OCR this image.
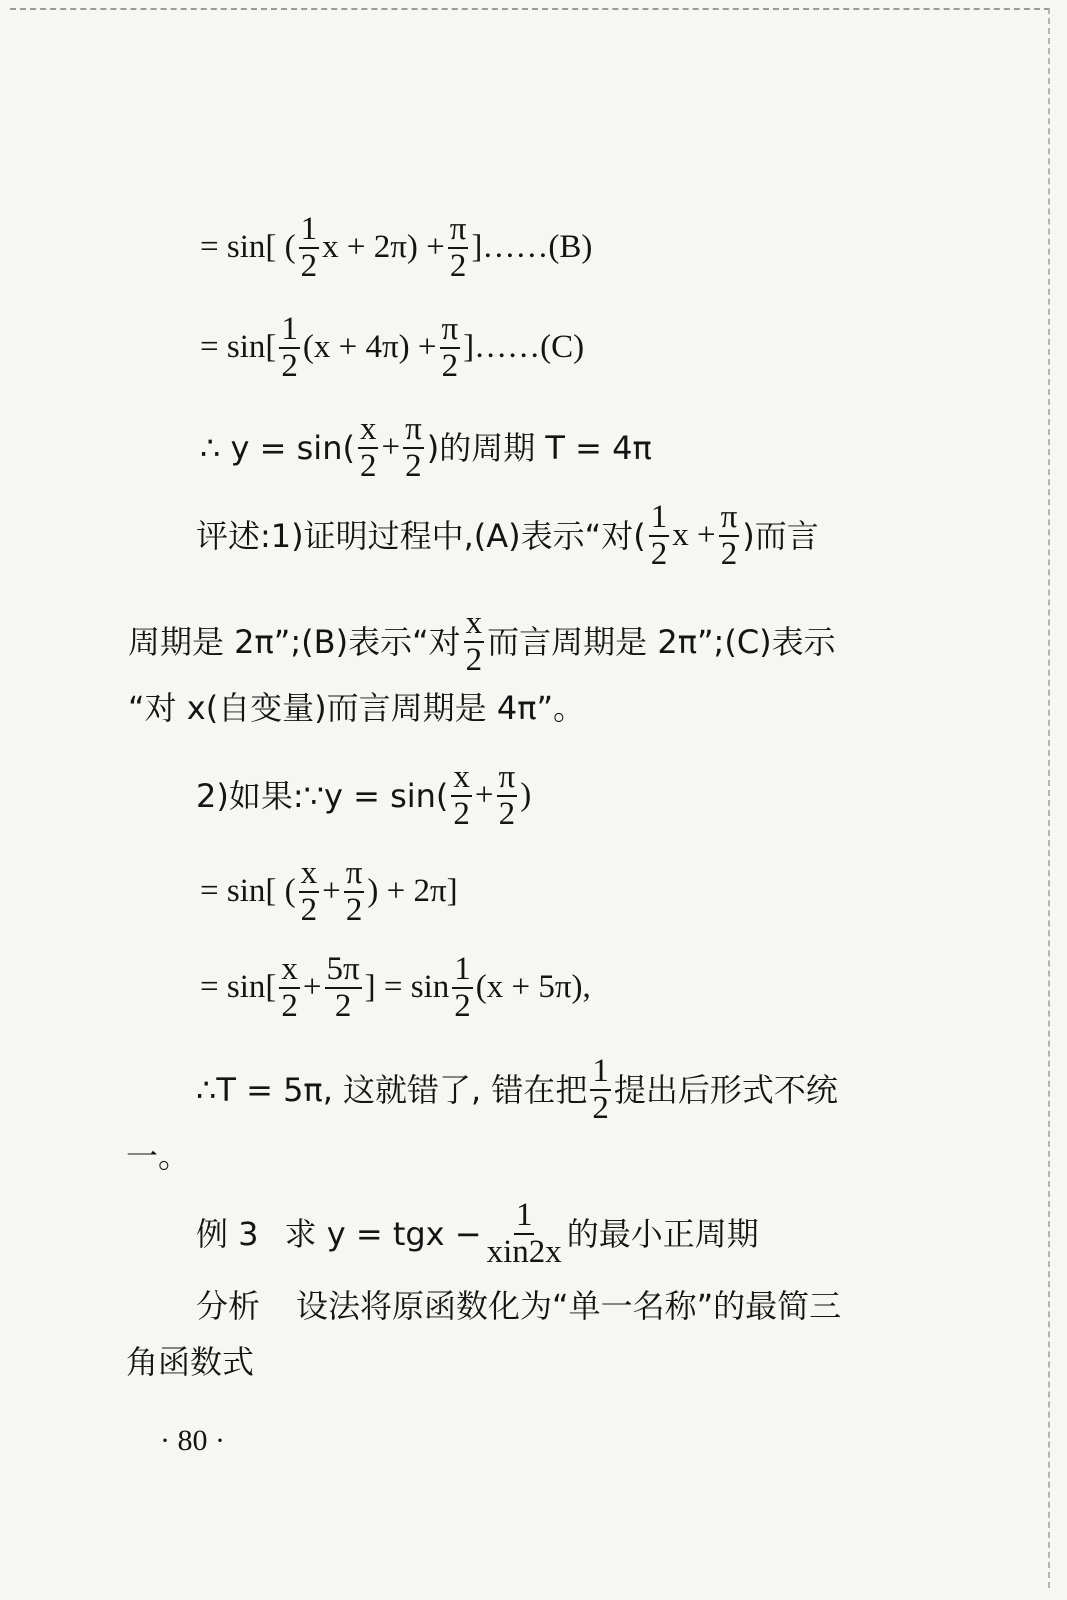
= sin[ ( $\frac{1}{2}$ $x + 2\pi) + \frac{\pi}{2}$ ]……(B)
= $\sin[ \frac{1}{2} (x + 4\pi) + \frac{\pi}{2}$ ]……(C)
∴ $y = \sin( \frac{x}{2} + \frac{\pi}{2}$ )的周期 T = 4π
评述:1)证明过程中,(A)表示“对( $\frac{1}{2}$ $x + \frac{\pi}{2}$ )而言
周期是 2π”;(B)表示“对 $\frac{x}{2}$ 而言周期是 2π”;(C)表示
“对 x(自变量)而言周期是 4π”。
2)如果:∵y = $\sin( \frac{x}{2} + \frac{\pi}{2}$ )
= sin[ ( $\frac{x}{2} + \frac{\pi}{2}$ ) + 2π]
= $\sin[ \frac{x}{2} + \frac{5\pi}{2}$ ] = $\sin \frac{1}{2} (x + 5\pi)$,
∴T = 5π, 这就错了, 错在把 $\frac{1}{2}$ 提出后形式不统
一。
例 3 求 y = tgx − $\frac{1}{\text{xin2x}}$ 的最小正周期
分析 设法将原函数化为“单一名称”的最简三
角函数式
· 80 ·
